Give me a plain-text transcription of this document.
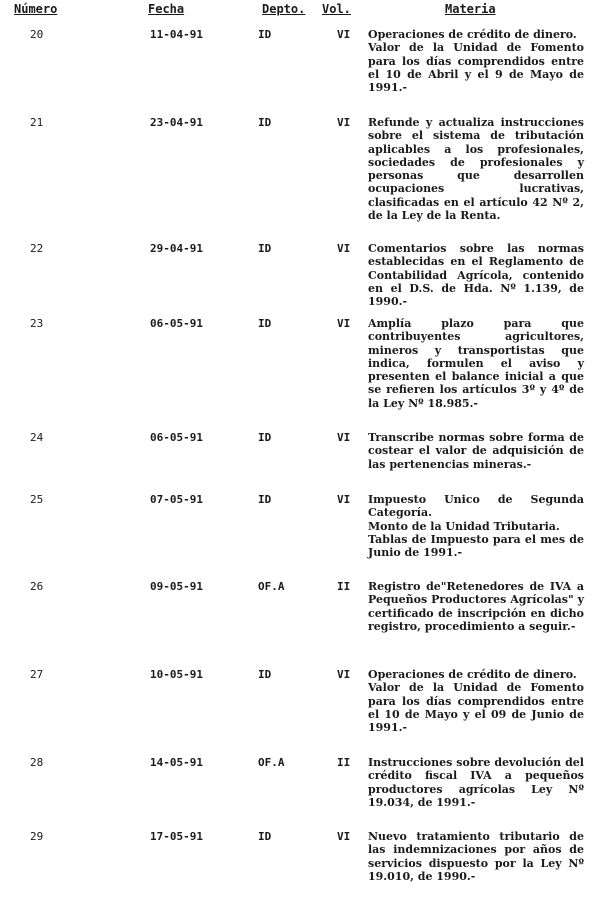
Número	Fecha	Depto. Vol.	Materia
20	11-04-91	ID	VI Operaciones de crédito de dinero.
Valor de la Unidad de Fomento para los días comprendidos entre el 10 de Abril y el 9 de Mayo de 1991.-
21	23-04-91	ID	VI Refunde y actualiza instrucciones sobre el sistema de tributación aplicables a los profesionales, sociedades de profesionales y personas que desarrollen ocupaciones lucrativas, clasificadas en el artículo 42 Nº 2, de la Ley de la Renta.
22	29-04-91	ID	VI Comentarios sobre las normas establecidas en el Reglamento de Contabilidad Agrícola, contenido en el D.S. de Hda. Nº 1.139, de 1990.-
23	06-05-91	ID	VI Amplía plazo para que contribuyentes agricultores, mineros y transportistas que indica, formulen el aviso y presenten el balance inicial a que se refieren los artículos 3º y 4º de la Ley Nº 18.985.-
24	06-05-91	ID	VI Transcribe normas sobre forma de costear el valor de adquisición de las pertenencias mineras.-
25	07-05-91	ID	VI Impuesto Unico de Segunda Categoría.
Monto de la Unidad Tributaria.
Tablas de Impuesto para el mes de Junio de 1991.-
26	09-05-91	OF.A	II Registro de"Retenedores de IVA a Pequeños Productores Agrícolas" y certificado de inscripción en dicho registro, procedimiento a seguir.-
27	10-05-91	ID	VI Operaciones de crédito de dinero.
Valor de la Unidad de Fomento para los días comprendidos entre el 10 de Mayo y el 09 de Junio de 1991.-
28	14-05-91	OF.A	II Instrucciones sobre devolución del crédito fiscal IVA a pequeños productores agrícolas Ley Nº 19.034, de 1991.-
29	17-05-91	ID	VI Nuevo tratamiento tributario de las indemnizaciones por años de servicios dispuesto por la Ley Nº 19.010, de 1990.-
